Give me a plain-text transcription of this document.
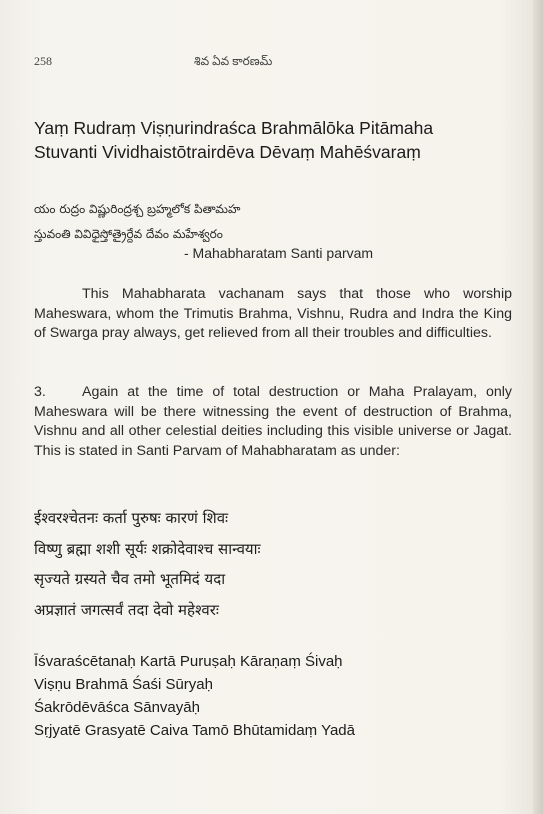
258	శివ ఏవ కారణమ్
Yaṃ Rudraṃ Viṣṇurindraśca Brahmālōka Pitāmaha
Stuvanti Vividhaistōtrairdēva Dēvaṃ Mahēśvaraṃ
యం రుద్రం విష్ణురింద్రశ్చ బ్రహ్మలోక పితామహ
స్తువంతి వివిధైస్తోత్రైర్దేవ దేవం మహేశ్వరం
- Mahabharatam Santi parvam
This Mahabharata vachanam says that those who worship Maheswara, whom the Trimutis Brahma, Vishnu, Rudra and Indra the King of Swarga pray always, get relieved from all their troubles and difficulties.
3.	Again at the time of total destruction or Maha Pralayam, only Maheswara will be there witnessing the event of destruction of Brahma, Vishnu and all other celestial deities including this visible universe or Jagat. This is stated in Santi Parvam of Mahabharatam as under:
ईश्वरश्चेतनः कर्ता पुरुषः कारणं शिवः
विष्णु ब्रह्मा शशी सूर्यः शक्रोदेवाश्च सान्वयाः
सृज्यते ग्रस्यते चैव तमो भूतमिदं यदा
अप्रज्ञातं जगत्सर्वं तदा देवो महेश्वरः
Īśvaraścētanaḥ Kartā Puruṣaḥ Kāraṇaṃ Śivaḥ
Viṣṇu Brahmā Śaśi Sūryaḥ
Śakrōdēvāśca Sānvayāḥ
Sṛjyatē Grasyatē Caiva Tamō Bhūtamidaṃ Yadā
